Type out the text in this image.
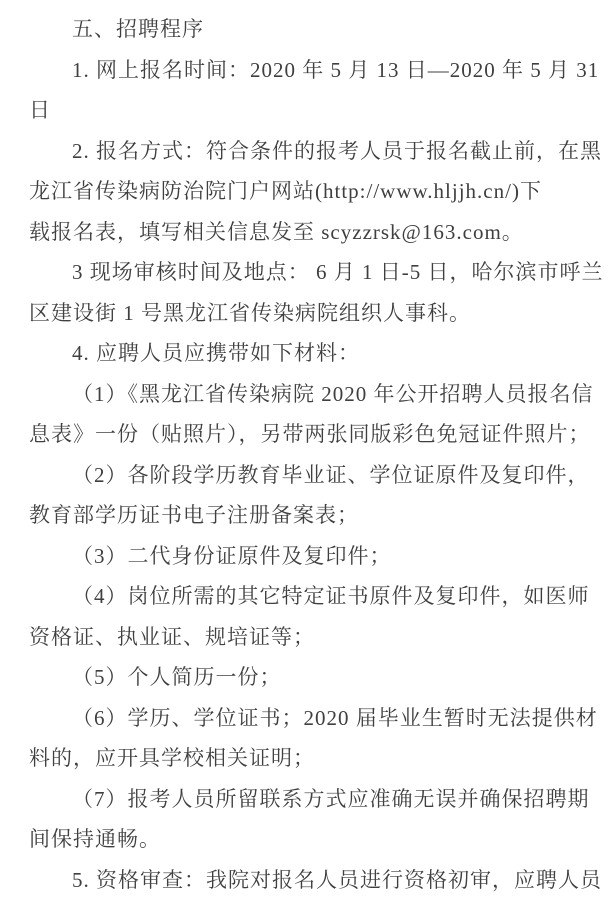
五、招聘程序
1. 网上报名时间：2020 年 5 月 13 日—2020 年 5 月 31
日
2. 报名方式：符合条件的报考人员于报名截止前，在黑
龙江省传染病防治院门户网站(http://www.hljjh.cn/)下
载报名表，填写相关信息发至 scyzzrsk@163.com。
3 现场审核时间及地点： 6 月 1 日-5 日，哈尔滨市呼兰
区建设街 1 号黑龙江省传染病院组织人事科。
4. 应聘人员应携带如下材料：
（1）《黑龙江省传染病院 2020 年公开招聘人员报名信
息表》一份（贴照片），另带两张同版彩色免冠证件照片；
（2）各阶段学历教育毕业证、学位证原件及复印件，
教育部学历证书电子注册备案表；
（3）二代身份证原件及复印件；
（4）岗位所需的其它特定证书原件及复印件，如医师
资格证、执业证、规培证等；
（5）个人简历一份；
（6）学历、学位证书；2020 届毕业生暂时无法提供材
料的，应开具学校相关证明；
（7）报考人员所留联系方式应准确无误并确保招聘期
间保持通畅。
5. 资格审查：我院对报名人员进行资格初审，应聘人员
